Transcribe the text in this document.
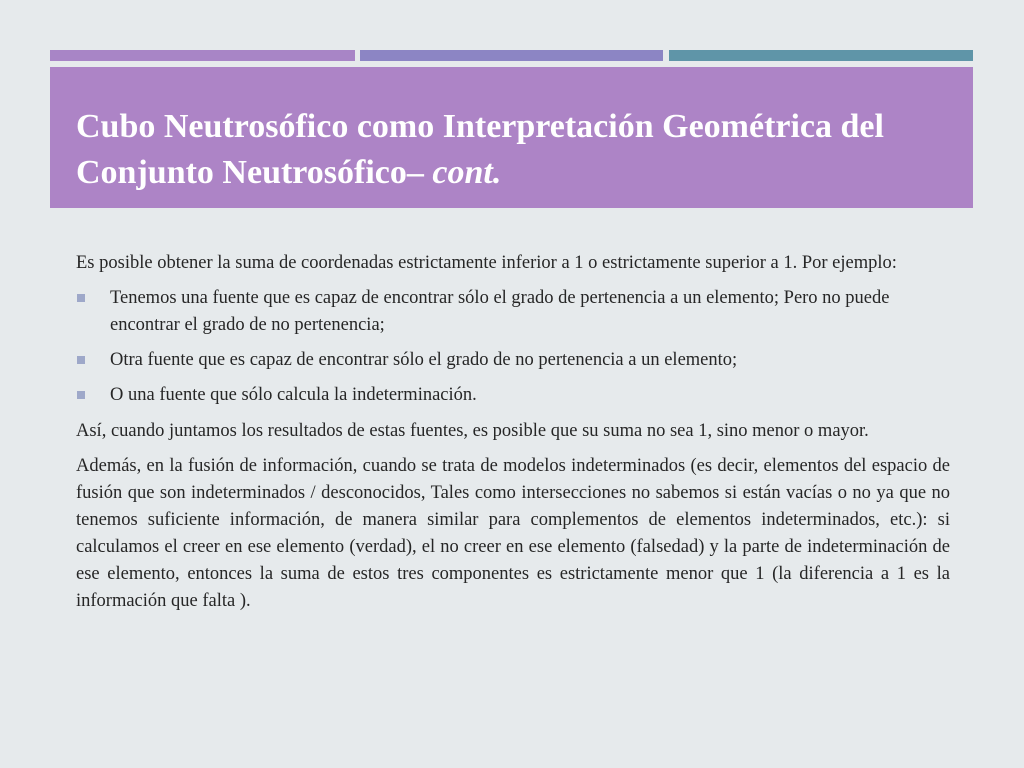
Cubo Neutrosófico como Interpretación Geométrica del Conjunto Neutrosófico– cont.

Es posible obtener la suma de coordenadas estrictamente inferior a 1 o estrictamente superior a 1. Por ejemplo:

Tenemos una fuente que es capaz de encontrar sólo el grado de pertenencia a un elemento; Pero no puede encontrar el grado de no pertenencia;
Otra fuente que es capaz de encontrar sólo el grado de no pertenencia a un elemento;
O una fuente que sólo calcula la indeterminación.

Así, cuando juntamos los resultados de estas fuentes, es posible que su suma no sea 1, sino menor o mayor.

Además, en la fusión de información, cuando se trata de modelos indeterminados (es decir, elementos del espacio de fusión que son indeterminados / desconocidos, Tales como intersecciones no sabemos si están vacías o no ya que no tenemos suficiente información, de manera similar para complementos de elementos indeterminados, etc.): si calculamos el creer en ese elemento (verdad), el no creer en ese elemento (falsedad) y la parte de indeterminación de ese elemento, entonces la suma de estos tres componentes es estrictamente menor que 1 (la diferencia a 1 es la información que falta ).
